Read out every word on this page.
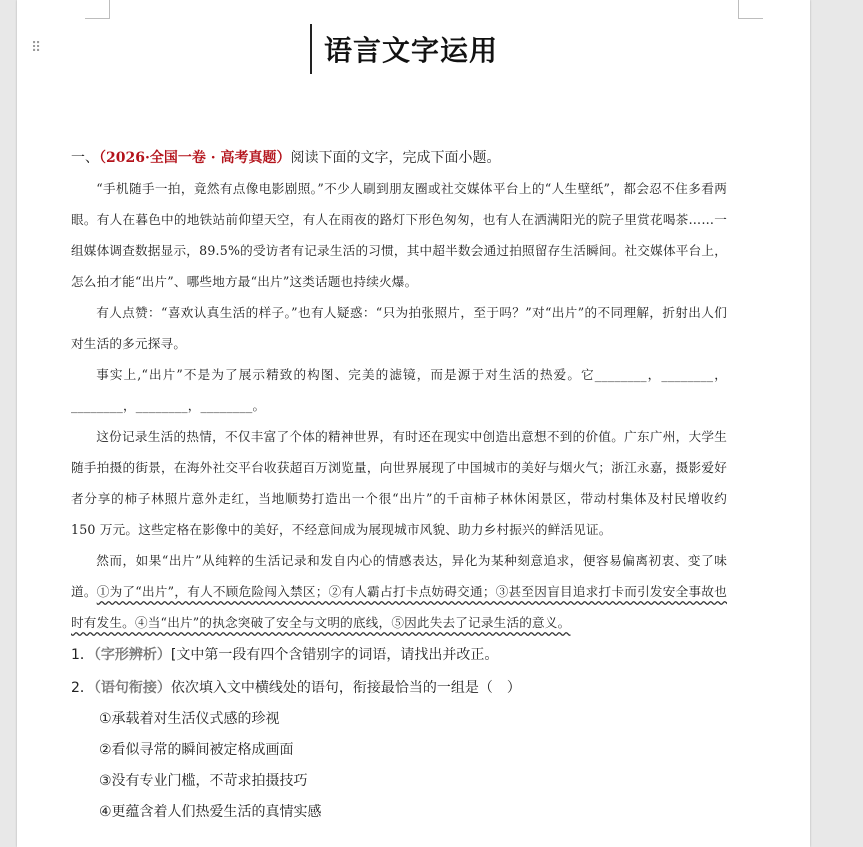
⠿	语言文字运用
一、（2026·全国一卷 · 高考真题）阅读下面的文字，完成下面小题。
“手机随手一拍，竟然有点像电影剧照。”不少人刷到朋友圈或社交媒体平台上的“人生壁纸”，都会忍不住多看两眼。有人在暮色中的地铁站前仰望天空，有人在雨夜的路灯下形色匆匆，也有人在洒满阳光的院子里赏花喝茶……一组媒体调查数据显示，89.5%的受访者有记录生活的习惯，其中超半数会通过拍照留存生活瞬间。社交媒体平台上，怎么拍才能“出片”、哪些地方最“出片”这类话题也持续火爆。
有人点赞：“喜欢认真生活的样子。”也有人疑惑：“只为拍张照片，至于吗？”对“出片”的不同理解，折射出人们对生活的多元探寻。
事实上,“出片”不是为了展示精致的构图、完美的滤镜，而是源于对生活的热爱。它________，________，________，________，________。
这份记录生活的热情，不仅丰富了个体的精神世界，有时还在现实中创造出意想不到的价值。广东广州，大学生随手拍摄的街景，在海外社交平台收获超百万浏览量，向世界展现了中国城市的美好与烟火气；浙江永嘉，摄影爱好者分享的柿子林照片意外走红，当地顺势打造出一个很“出片”的千亩柿子林休闲景区，带动村集体及村民增收约 150 万元。这些定格在影像中的美好，不经意间成为展现城市风貌、助力乡村振兴的鲜活见证。
然而，如果“出片”从纯粹的生活记录和发自内心的情感表达，异化为某种刻意追求，便容易偏离初衷、变了味道。①为了“出片”，有人不顾危险闯入禁区；②有人霸占打卡点妨碍交通；③甚至因盲目追求打卡而引发安全事故也时有发生。④当“出片”的执念突破了安全与文明的底线，⑤因此失去了记录生活的意义。
1．（字形辨析）[文中第一段有四个含错别字的词语，请找出并改正。
2．（语句衔接）依次填入文中横线处的语句，衔接最恰当的一组是（　）
①承载着对生活仪式感的珍视
②看似寻常的瞬间被定格成画面
③没有专业门槛，不苛求拍摄技巧
④更蕴含着人们热爱生活的真情实感
